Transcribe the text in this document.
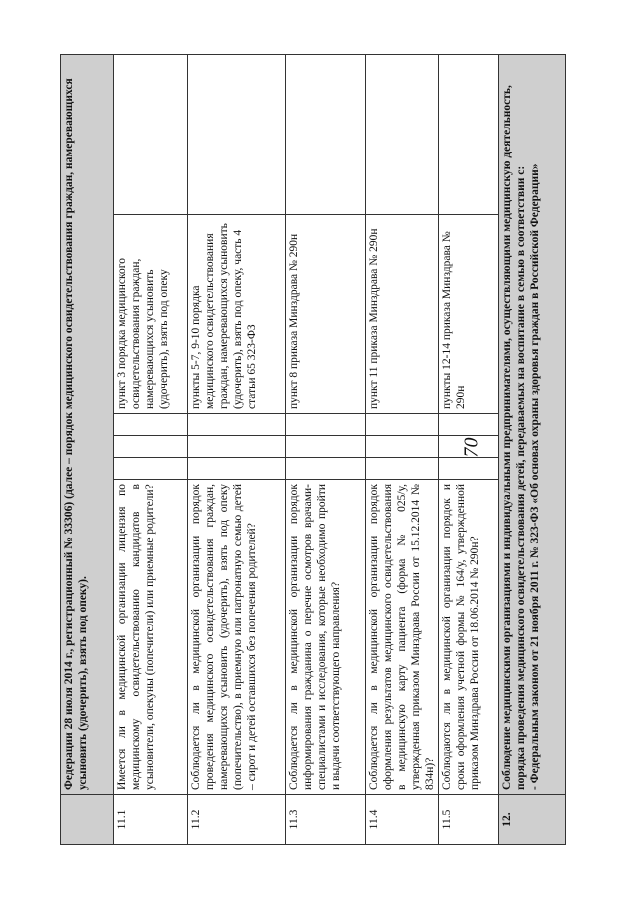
70
	Федерации 28 июля 2014 г., регистрационный № 33306) (далее – порядок медицинского освидетельствования граждан, намеревающихся усыновить (удочерить), взять под опеку).					
11.1	Имеется ли в медицинской организации лицензия по медицинскому освидетельствованию кандидатов в усыновители, опекуны (попечители) или приемные родители?				пункт 3 порядка медицинского освидетельствования граждан, намеревающихся усыновить (удочерить), взять под опеку	
11.2	Соблюдается ли в медицинской организации порядок проведения медицинского освидетельствования граждан, намеревающихся усыновить (удочерить), взять под опеку (попечительство), в приемную или патронатную семью детей – сирот и детей оставшихся без попечения родителей?				пункты 5-7, 9-10 порядка медицинского освидетельствования граждан, намеревающихся усыновить (удочерить), взять под опеку, часть 4 статьи 65 323-ФЗ	
11.3	Соблюдается ли в медицинской организации порядок информирования гражданина о перечне осмотров врачами-специалистами и исследования, которые необходимо пройти и выдачи соответствующего направления?				пункт 8 приказа Минздрава № 290н	
11.4	Соблюдается ли в медицинской организации порядок оформления результатов медицинского освидетельствования в медицинскую карту пациента (форма № 025/у, утвержденная приказом Минздрава России от 15.12.2014 № 834н)?				пункт 11 приказа Минздрава № 290н	
11.5	Соблюдаются ли в медицинской организации порядок и сроки оформления учетной формы № 164/у, утвержденной приказом Минздрава России от 18.06.2014 № 290н?				пункты 12-14 приказа Минздрава № 290н	
12.	Соблюдение медицинскими организациями и индивидуальными предпринимателями, осуществляющими медицинскую деятельность, порядка проведения медицинского освидетельствования детей, передаваемых на воспитание в семью в соответствии с: - Федеральным законом от 21 ноября 2011 г. № 323-ФЗ «Об основах охраны здоровья граждан в Российской Федерации»					
